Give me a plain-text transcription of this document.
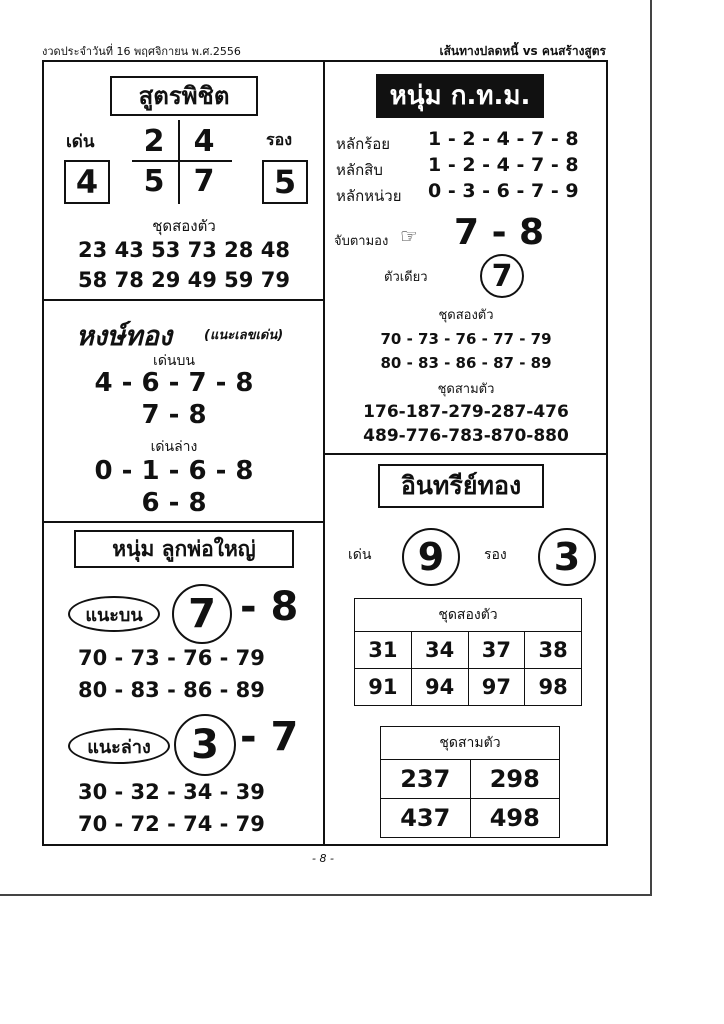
งวดประจำวันที่ 16 พฤศจิกายน พ.ศ.2556	เส้นทางปลดหนี้ vs คนสร้างสูตร
สูตรพิชิต
เด่น	รอง
4	5
2 4
5 7
ชุดสองตัว
23 43 53 73 28 48
58 78 29 49 59 79
หงษ์ทอง (แนะเลขเด่น)
เด่นบน
4 - 6 - 7 - 8
7 - 8
เด่นล่าง
0 - 1 - 6 - 8
6 - 8
หนุ่ม ลูกพ่อใหญ่
แนะบน	7 - 8
70 - 73 - 76 - 79
80 - 83 - 86 - 89
แนะล่าง	3 - 7
30 - 32 - 34 - 39
70 - 72 - 74 - 79
หนุ่ม ก.ท.ม.
หลักร้อย 1 - 2 - 4 - 7 - 8
หลักสิบ 1 - 2 - 4 - 7 - 8
หลักหน่วย 0 - 3 - 6 - 7 - 9
จับตามอง ☞ 7 - 8
ตัวเดียว	7
ชุดสองตัว
70 - 73 - 76 - 77 - 79
80 - 83 - 86 - 87 - 89
ชุดสามตัว
176-187-279-287-476
489-776-783-870-880
อินทรีย์ทอง
เด่น	9	รอง	3
ชุดสองตัว			
31	34	37	38
91	94	97	98
ชุดสามตัว	
237	298
437	498
- 8 -
